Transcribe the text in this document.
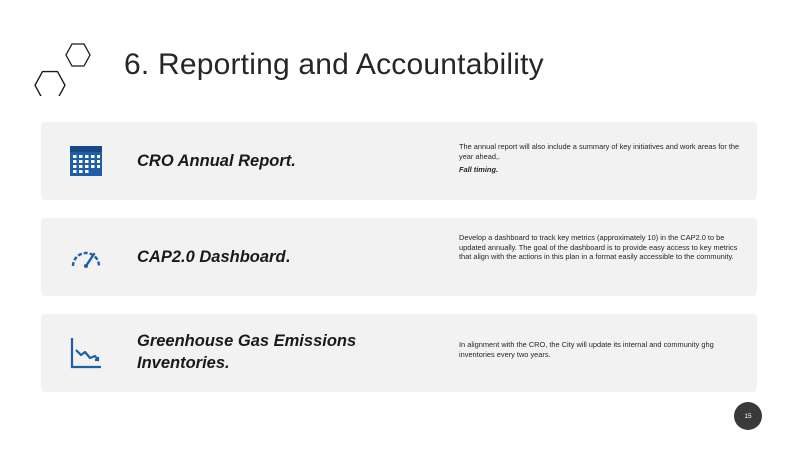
6. Reporting and Accountability
CRO Annual Report.
The annual report will also include a summary of key initiatives and work areas for the year ahead,.
Fall timing.
CAP2.0 Dashboard.
Develop a dashboard to track key metrics (approximately 10) in the CAP2.0 to be updated annually. The goal of the dashboard is to provide easy access to key metrics that align with the actions in this plan in a format easily accessible to the community.
Greenhouse Gas Emissions Inventories.
In alignment with the CRO, the City will update its internal and community ghg inventories every two years.
15
